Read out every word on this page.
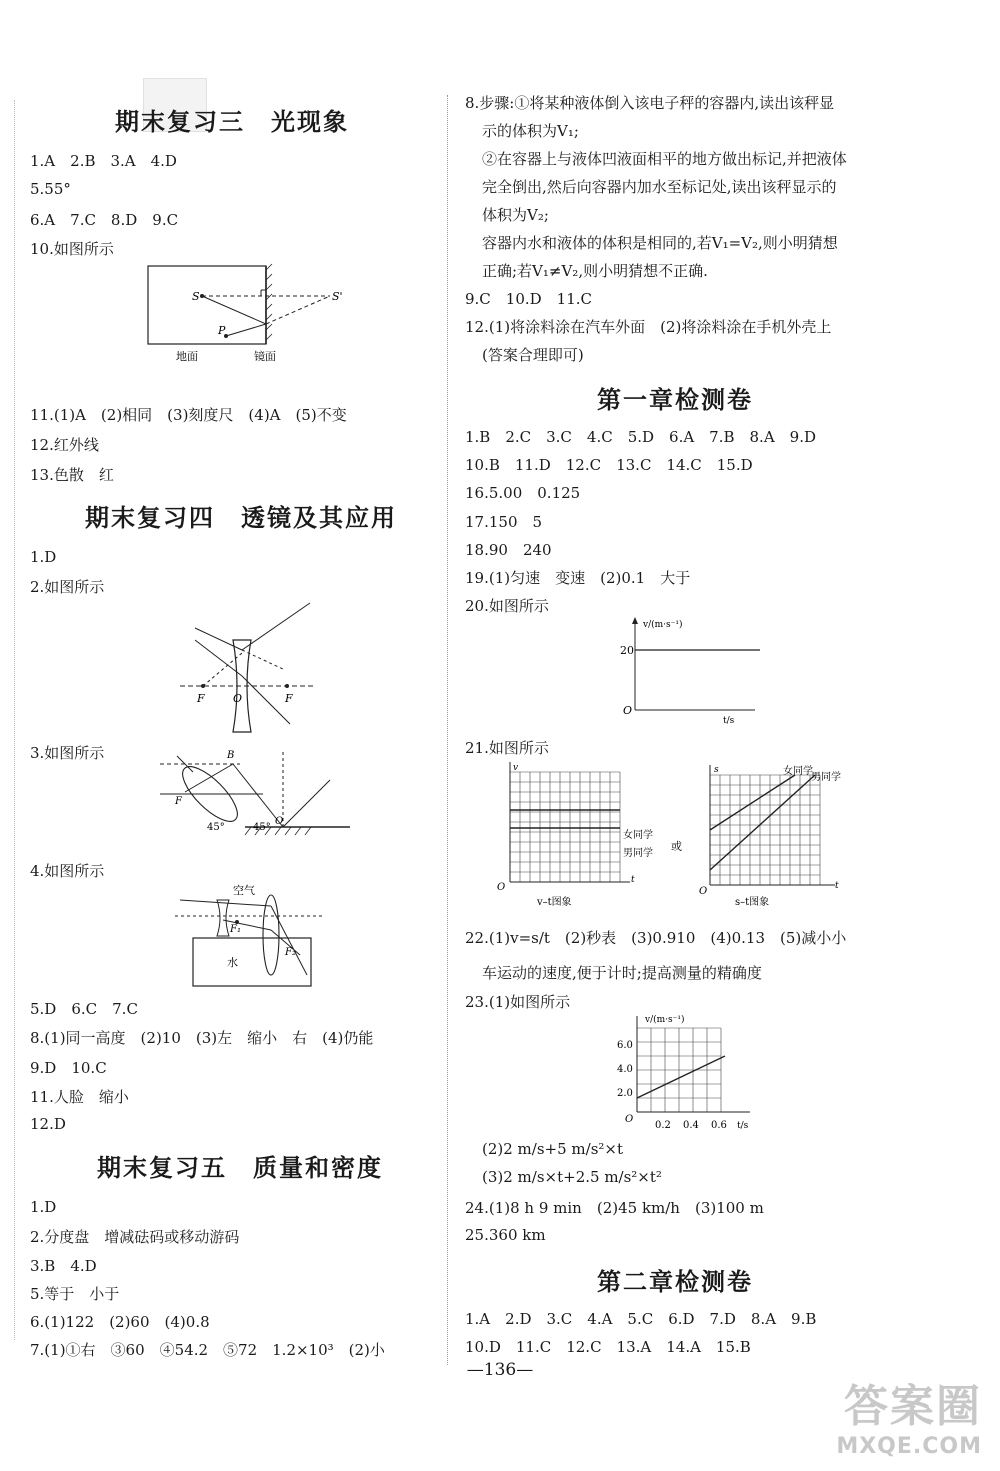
期末复习三　光现象
1.A　2.B　3.A　4.D
5.55°
6.A　7.C　8.D　9.C
10.如图所示
S	S'
P
地面	镜面
11.(1)A　(2)相同　(3)刻度尺　(4)A　(5)不变
12.红外线
13.色散　红
期末复习四　透镜及其应用
1.D
2.如图所示
F	O	F
3.如图所示
F
B
45°	45°
O
4.如图所示
F₁
F₂
空气
水
5.D　6.C　7.C
8.(1)同一高度　(2)10　(3)左　缩小　右　(4)仍能
9.D　10.C
11.人脸　缩小
12.D
期末复习五　质量和密度
1.D
2.分度盘　增减砝码或移动游码
3.B　4.D
5.等于　小于
6.(1)122　(2)60　(4)0.8
7.(1)①右　③60　④54.2　⑤72　1.2×10³　(2)小
8.步骤:①将某种液体倒入该电子秤的容器内,读出该秤显
示的体积为V₁;
②在容器上与液体凹液面相平的地方做出标记,并把液体
完全倒出,然后向容器内加水至标记处,读出该秤显示的
体积为V₂;
容器内水和液体的体积是相同的,若V₁=V₂,则小明猜想
正确;若V₁≠V₂,则小明猜想不正确.
9.C　10.D　11.C
12.(1)将涂料涂在汽车外面　(2)将涂料涂在手机外壳上
(答案合理即可)
第一章检测卷
1.B　2.C　3.C　4.C　5.D　6.A　7.B　8.A　9.D
10.B　11.D　12.C　13.C　14.C　15.D
16.5.00　0.125
17.150　5
18.90　240
19.(1)匀速　变速　(2)0.1　大于
20.如图所示
v/(m·s⁻¹)
20
O
t/s
21.如图所示
v
O
t
女同学
男同学
或
v–t图象
s
O	t
女同学
男同学
s–t图象
22.(1)v=s/t　(2)秒表　(3)0.910　(4)0.13　(5)减小小
车运动的速度,便于计时;提高测量的精确度
23.(1)如图所示
v/(m·s⁻¹)
6.0
4.0
2.0
O
0.2 0.4 0.6 t/s
(2)2 m/s+5 m/s²×t
(3)2 m/s×t+2.5 m/s²×t²
24.(1)8 h 9 min　(2)45 km/h　(3)100 m
25.360 km
第二章检测卷
1.A　2.D　3.C　4.A　5.C　6.D　7.D　8.A　9.B
10.D　11.C　12.C　13.A　14.A　15.B
—136—
答案圈
MXQE.COM
